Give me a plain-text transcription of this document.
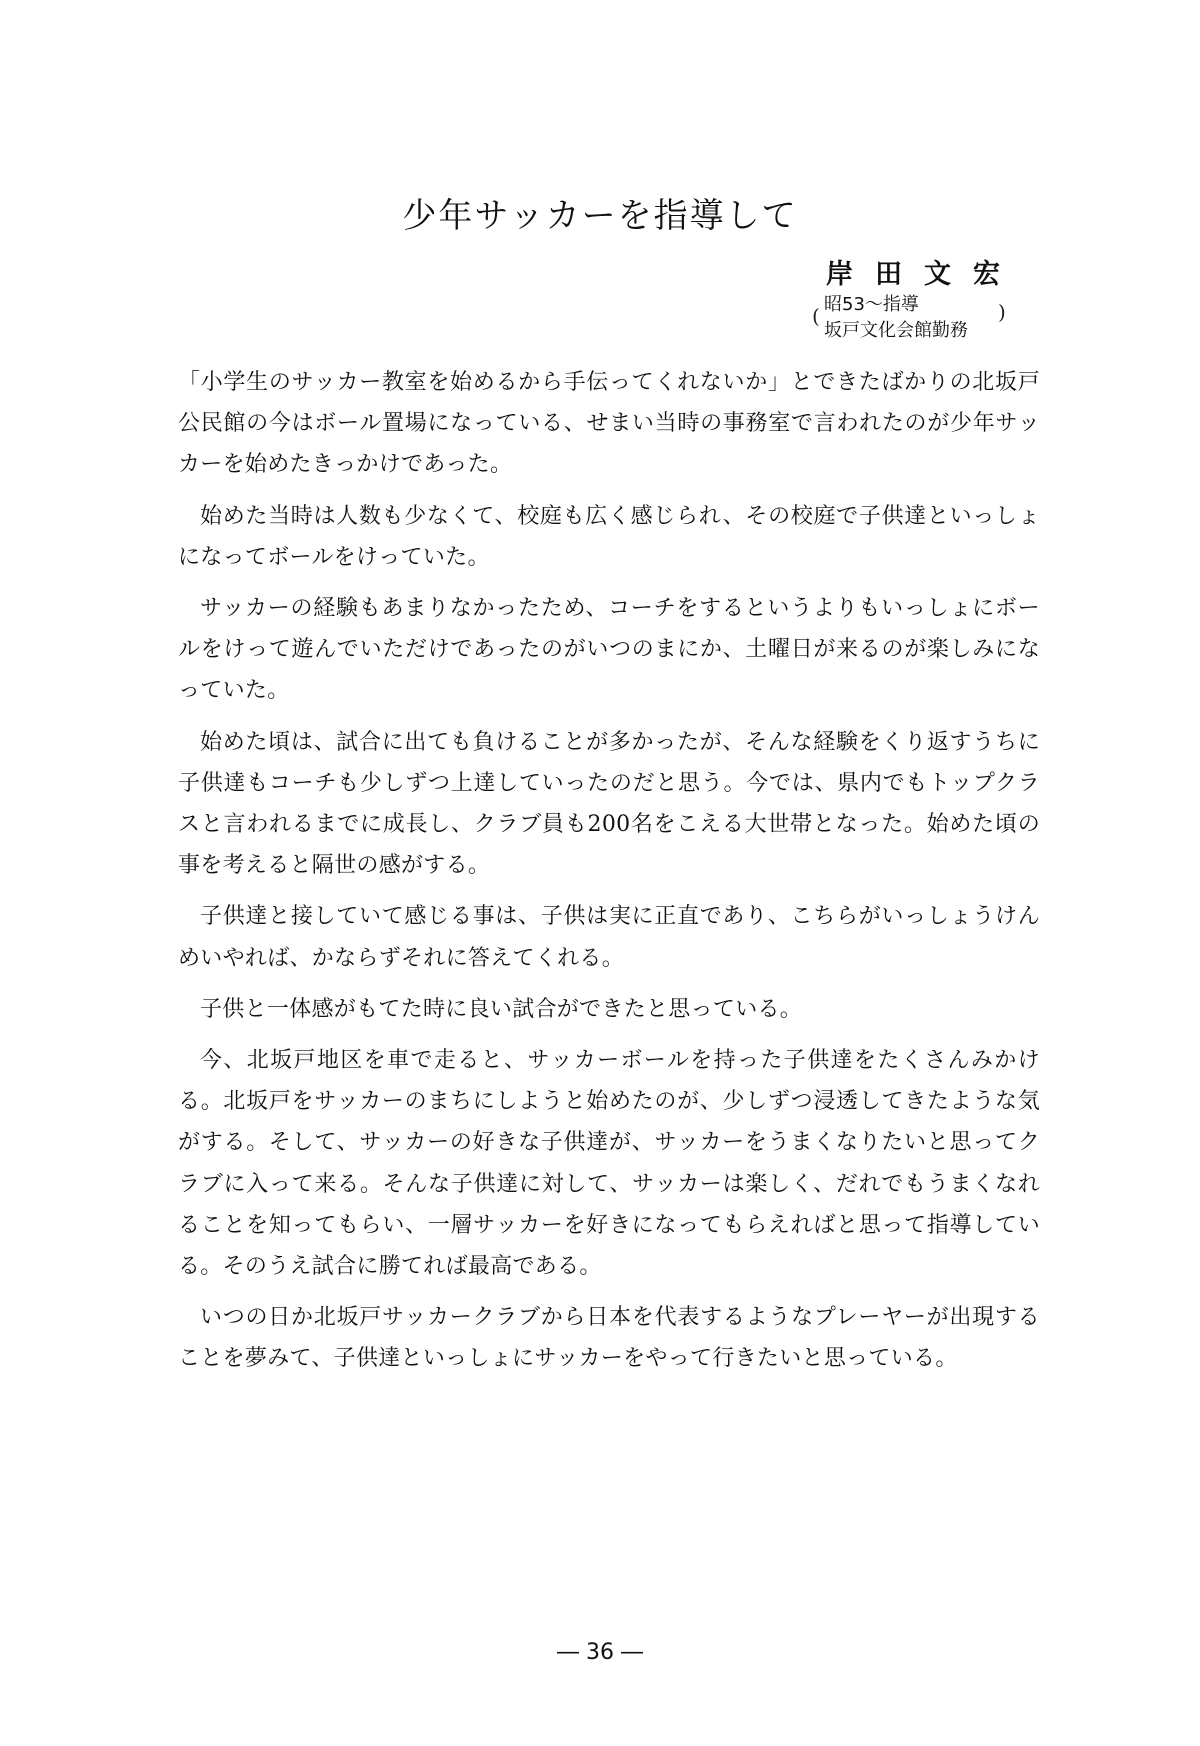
少年サッカーを指導して
岸田文宏
( 昭53～指導
坂戸文化会館勤務
)

「小学生のサッカー教室を始めるから手伝ってくれないか」とできたばかりの北坂戸公民館の今はボール置場になっている、せまい当時の事務室で言われたのが少年サッカーを始めたきっかけであった。

始めた当時は人数も少なくて、校庭も広く感じられ、その校庭で子供達といっしょになってボールをけっていた。

サッカーの経験もあまりなかったため、コーチをするというよりもいっしょにボールをけって遊んでいただけであったのがいつのまにか、土曜日が来るのが楽しみになっていた。

始めた頃は、試合に出ても負けることが多かったが、そんな経験をくり返すうちに子供達もコーチも少しずつ上達していったのだと思う。今では、県内でもトップクラスと言われるまでに成長し、クラブ員も200名をこえる大世帯となった。始めた頃の事を考えると隔世の感がする。

子供達と接していて感じる事は、子供は実に正直であり、こちらがいっしょうけんめいやれば、かならずそれに答えてくれる。

子供と一体感がもてた時に良い試合ができたと思っている。

今、北坂戸地区を車で走ると、サッカーボールを持った子供達をたくさんみかける。北坂戸をサッカーのまちにしようと始めたのが、少しずつ浸透してきたような気がする。そして、サッカーの好きな子供達が、サッカーをうまくなりたいと思ってクラブに入って来る。そんな子供達に対して、サッカーは楽しく、だれでもうまくなれることを知ってもらい、一層サッカーを好きになってもらえればと思って指導している。そのうえ試合に勝てれば最高である。

いつの日か北坂戸サッカークラブから日本を代表するようなプレーヤーが出現することを夢みて、子供達といっしょにサッカーをやって行きたいと思っている。

― 36 ―
